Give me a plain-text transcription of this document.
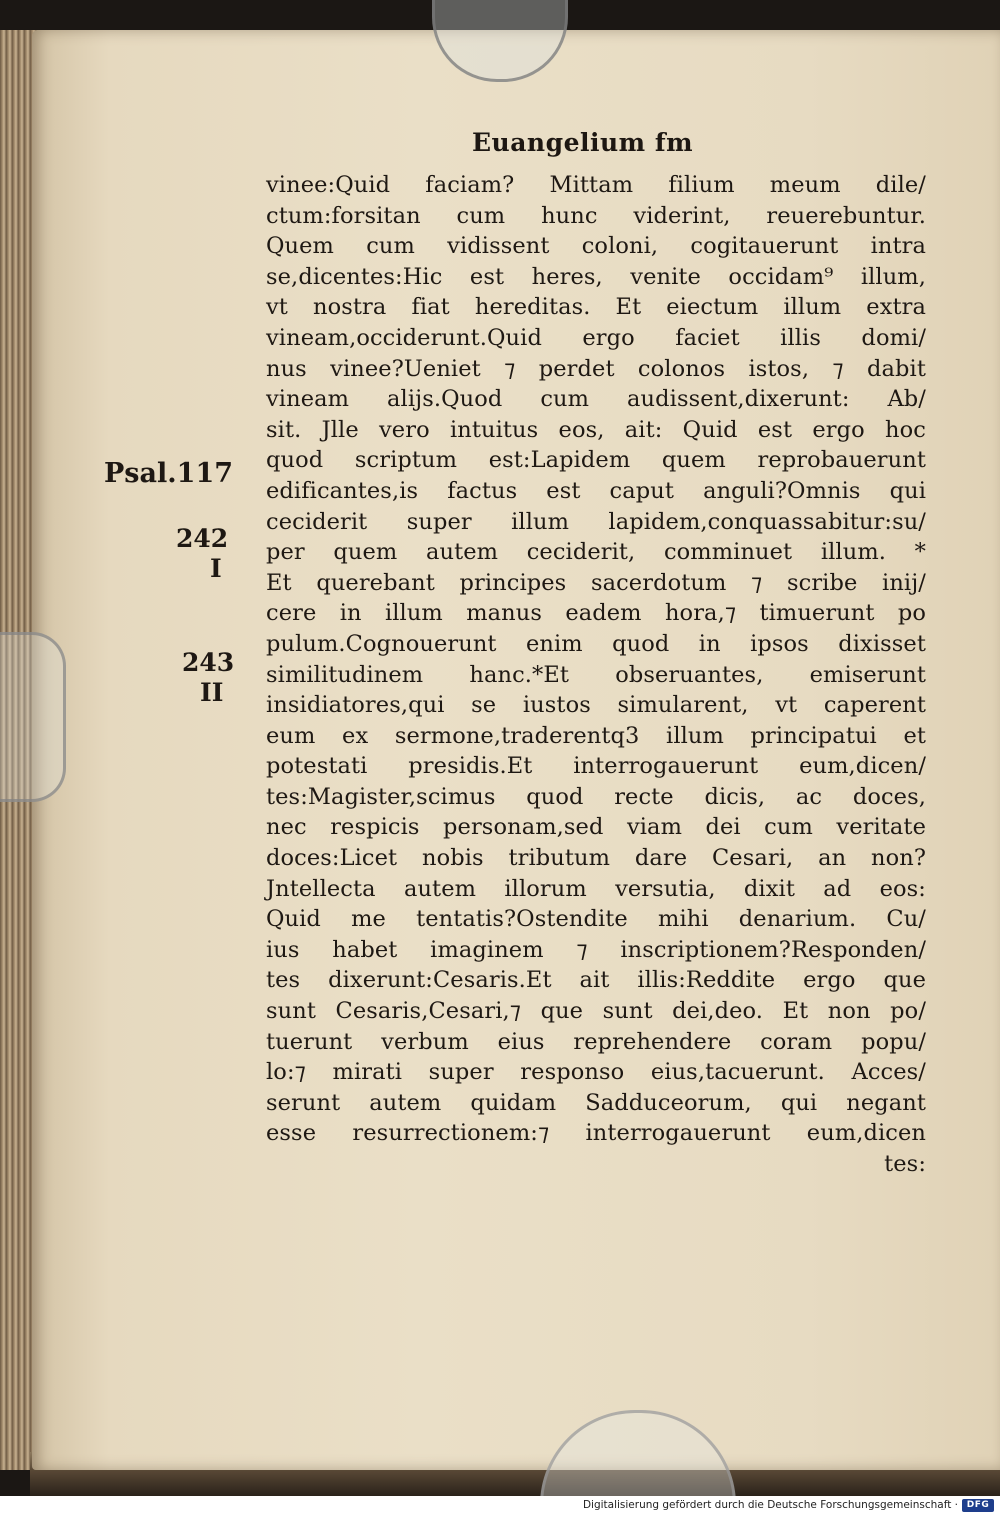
Euangelium fm
Psal.117
242
I
243
II
vinee:Quid faciam? Mittam filium meum dile/
ctum:forsitan cum hunc viderint, reuerebuntur.
Quem cum vidissent coloni, cogitauerunt intra
se,dicentes:Hic est heres, venite occidam⁹ illum,
vt nostra fiat hereditas. Et eiectum illum extra
vineam,occiderunt.Quid ergo faciet illis domi/
nus vinee?Ueniet ⁊ perdet colonos istos, ⁊ dabit
vineam alijs.Quod cum audissent,dixerunt: Ab/
sit. Jlle vero intuitus eos, ait: Quid est ergo hoc
quod scriptum est:Lapidem quem reprobauerunt
edificantes,is factus est caput anguli?Omnis qui
ceciderit super illum lapidem,conquassabitur:su/
per quem autem ceciderit, comminuet illum. *
Et querebant principes sacerdotum ⁊ scribe inij/
cere in illum manus eadem hora,⁊ timuerunt po
pulum.Cognouerunt enim quod in ipsos dixisset
similitudinem hanc.*Et obseruantes, emiserunt
insidiatores,qui se iustos simularent, vt caperent
eum ex sermone,traderentq3 illum principatui et
potestati presidis.Et interrogauerunt eum,dicen/
tes:Magister,scimus quod recte dicis, ac doces,
nec respicis personam,sed viam dei cum veritate
doces:Licet nobis tributum dare Cesari, an non?
Jntellecta autem illorum versutia, dixit ad eos:
Quid me tentatis?Ostendite mihi denarium. Cu/
ius habet imaginem ⁊ inscriptionem?Responden/
tes dixerunt:Cesaris.Et ait illis:Reddite ergo que
sunt Cesaris,Cesari,⁊ que sunt dei,deo. Et non po/
tuerunt verbum eius reprehendere coram popu/
lo:⁊ mirati super responso eius,tacuerunt. Acces/
serunt autem quidam Sadduceorum, qui negant
esse resurrectionem:⁊ interrogauerunt eum,dicen
tes:
Digitalisierung gefördert durch die Deutsche Forschungsgemeinschaft · DFG
